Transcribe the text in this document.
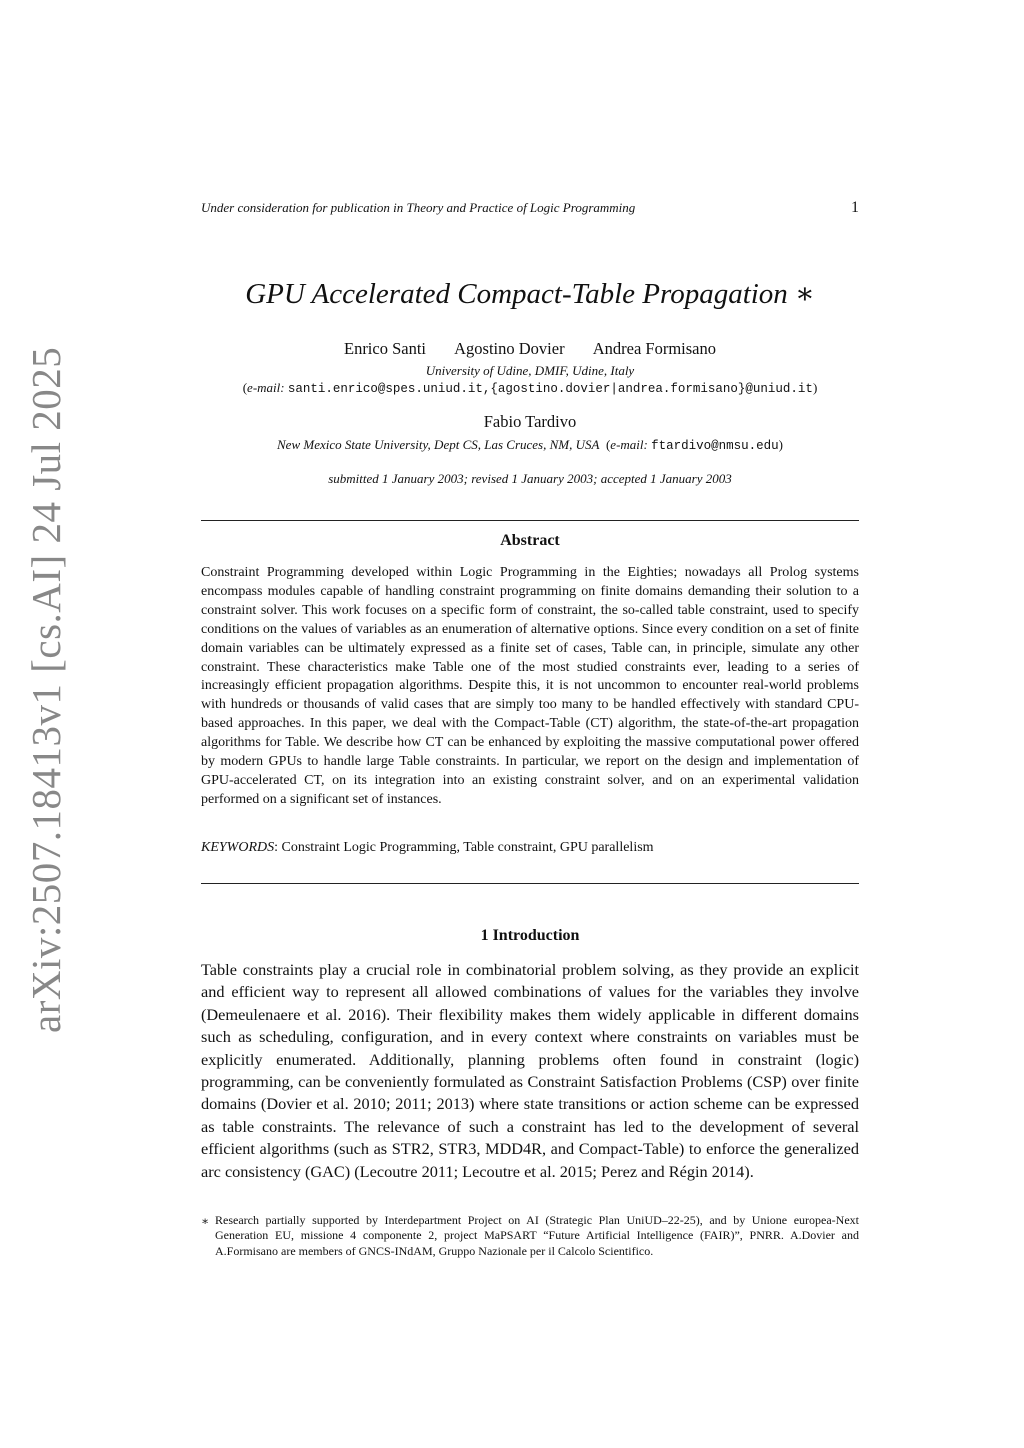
arXiv:2507.18413v1 [cs.AI] 24 Jul 2025
Under consideration for publication in Theory and Practice of Logic Programming	1
GPU Accelerated Compact-Table Propagation ∗
Enrico Santi Agostino Dovier Andrea Formisano
University of Udine, DMIF, Udine, Italy
(e-mail: santi.enrico@spes.uniud.it,{agostino.dovier|andrea.formisano}@uniud.it)
Fabio Tardivo
New Mexico State University, Dept CS, Las Cruces, NM, USA (e-mail: ftardivo@nmsu.edu)
submitted 1 January 2003; revised 1 January 2003; accepted 1 January 2003
Abstract
Constraint Programming developed within Logic Programming in the Eighties; nowadays all Prolog systems encompass modules capable of handling constraint programming on finite domains demanding their solution to a constraint solver. This work focuses on a specific form of constraint, the so-called table constraint, used to specify conditions on the values of variables as an enumeration of alternative options. Since every condition on a set of finite domain variables can be ultimately expressed as a finite set of cases, Table can, in principle, simulate any other constraint. These characteristics make Table one of the most studied constraints ever, leading to a series of increasingly efficient propagation algorithms. Despite this, it is not uncommon to encounter real-world problems with hundreds or thousands of valid cases that are simply too many to be handled effectively with standard CPU-based approaches. In this paper, we deal with the Compact-Table (CT) algorithm, the state-of-the-art propagation algorithms for Table. We describe how CT can be enhanced by exploiting the massive computational power offered by modern GPUs to handle large Table constraints. In particular, we report on the design and implementation of GPU-accelerated CT, on its integration into an existing constraint solver, and on an experimental validation performed on a significant set of instances.
KEYWORDS: Constraint Logic Programming, Table constraint, GPU parallelism
1 Introduction
Table constraints play a crucial role in combinatorial problem solving, as they provide an explicit and efficient way to represent all allowed combinations of values for the variables they involve (Demeulenaere et al. 2016). Their flexibility makes them widely applicable in different domains such as scheduling, configuration, and in every context where constraints on variables must be explicitly enumerated. Additionally, planning problems often found in constraint (logic) programming, can be conveniently formulated as Constraint Satisfaction Problems (CSP) over finite domains (Dovier et al. 2010; 2011; 2013) where state transitions or action scheme can be expressed as table constraints. The relevance of such a constraint has led to the development of several efficient algorithms (such as STR2, STR3, MDD4R, and Compact-Table) to enforce the generalized arc consistency (GAC) (Lecoutre 2011; Lecoutre et al. 2015; Perez and Régin 2014).
∗ Research partially supported by Interdepartment Project on AI (Strategic Plan UniUD–22-25), and by Unione europea-Next Generation EU, missione 4 componente 2, project MaPSART “Future Artificial Intelligence (FAIR)”, PNRR. A.Dovier and A.Formisano are members of GNCS-INdAM, Gruppo Nazionale per il Calcolo Scientifico.
